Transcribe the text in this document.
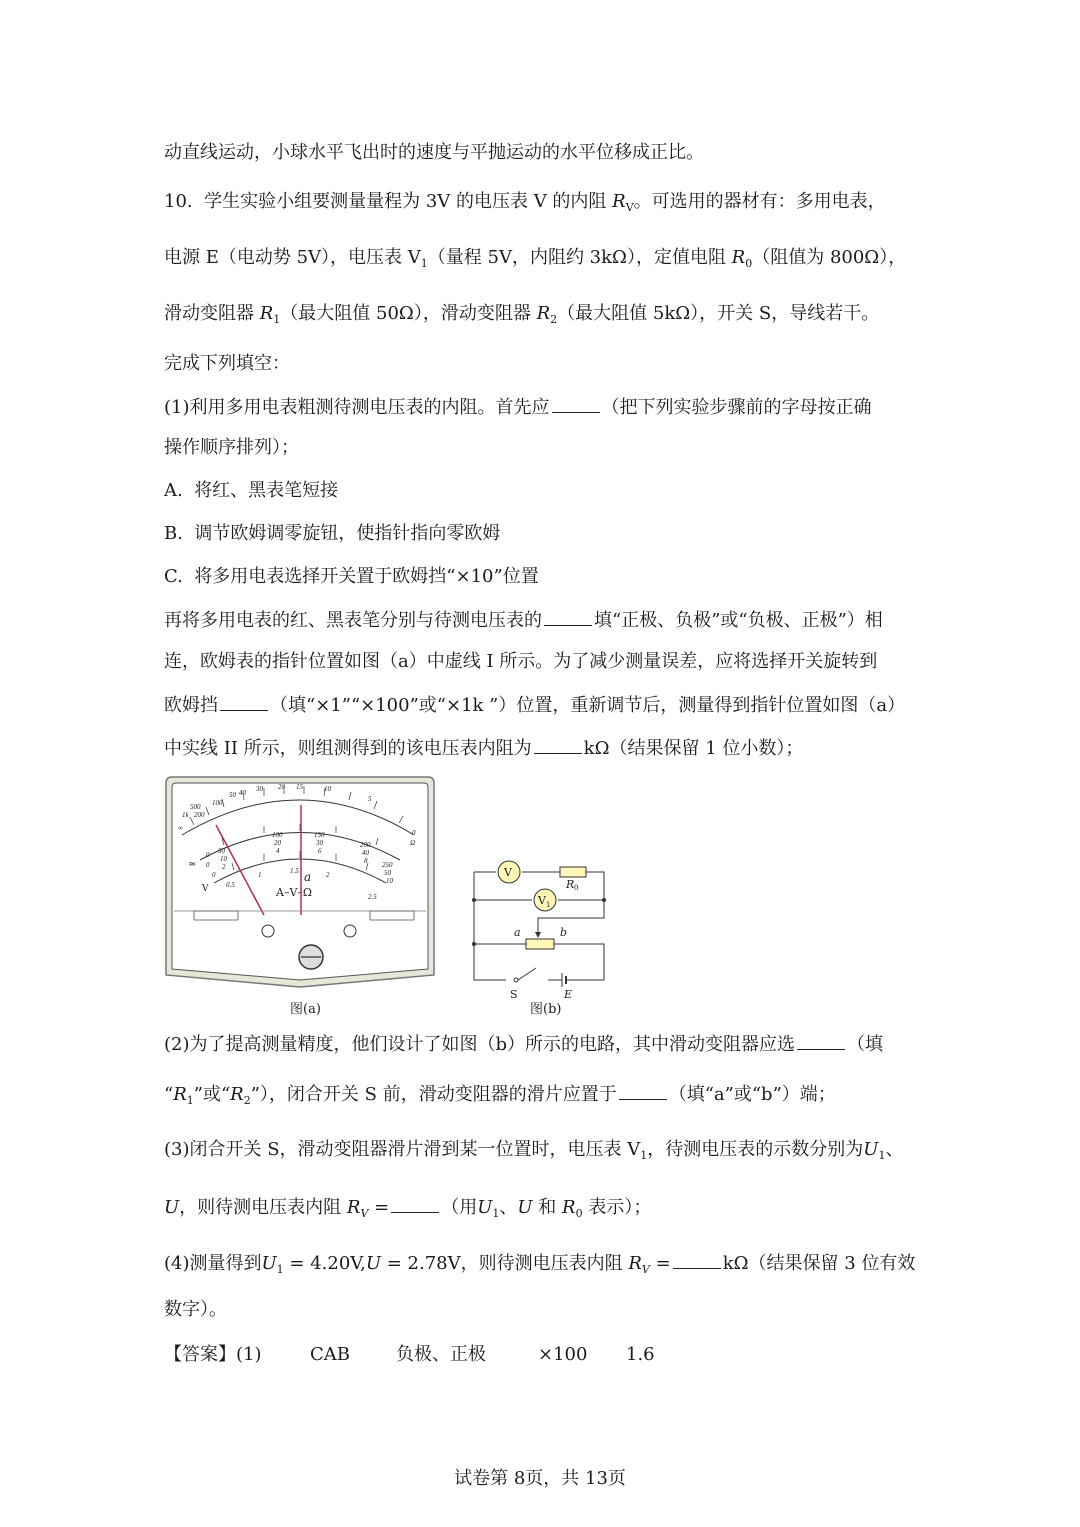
动直线运动，小球水平飞出时的速度与平抛运动的水平位移成正比。
10. 学生实验小组要测量量程为 3V 的电压表 V 的内阻 $R_V$。可选用的器材有：多用电表，
电源 E（电动势 5V），电压表 $V_1$（量程 5V，内阻约 3kΩ），定值电阻 $R_0$（阻值为 800Ω），
滑动变阻器 $R_1$（最大阻值 50Ω），滑动变阻器 $R_2$（最大阻值 5kΩ），开关 S，导线若干。
完成下列填空：
(1)利用多用电表粗测待测电压表的内阻。首先应	（把下列实验步骤前的字母按正确
操作顺序排列）；
A. 将红、黑表笔短接
B. 调节欧姆调零旋钮，使指针指向零欧姆
C. 将多用电表选择开关置于欧姆挡“×10”位置
再将多用电表的红、黑表笔分别与待测电压表的	填“正极、负极”或“负极、正极”）相
连，欧姆表的指针位置如图（a）中虚线 I 所示。为了减少测量误差，应将选择开关旋转到
欧姆挡	（填“×1”“×100”或“×1k ”）位置，重新调节后，测量得到指针位置如图（a）
中实线 II 所示，则组测得到的该电压表内阻为	kΩ（结果保留 1 位小数）；
∞
1k
500
200
100
50 40 30 20 15	10
5
0
Ω
50
100	150
200
250
10
20	30
40
50
2
4	6
8
10
0
0
0
0.5
1	1.5	2
2.5
≃
V
a
A–V–Ω
图(a)
V
R 0
V 1
a	b
S	E
图(b)
(2)为了提高测量精度，他们设计了如图（b）所示的电路，其中滑动变阻器应选	（填
“$R_1$”或“$R_2$”），闭合开关 S 前，滑动变阻器的滑片应置于	（填“a”或“b”）端；
(3)闭合开关 S，滑动变阻器滑片滑到某一位置时，电压表 $V_1$，待测电压表的示数分别为$U_1$、
U，则待测电压表内阻 $R_V$ =	（用$U_1$、U 和 $R_0$ 表示）；
(4)测量得到$U_1 = 4.20V,U = 2.78V$，则待测电压表内阻 $R_V$ =	kΩ（结果保留 3 位有效
数字）。
【答案】(1)	CAB	负极、正极	×100 1.6
试卷第 8页，共 13页
